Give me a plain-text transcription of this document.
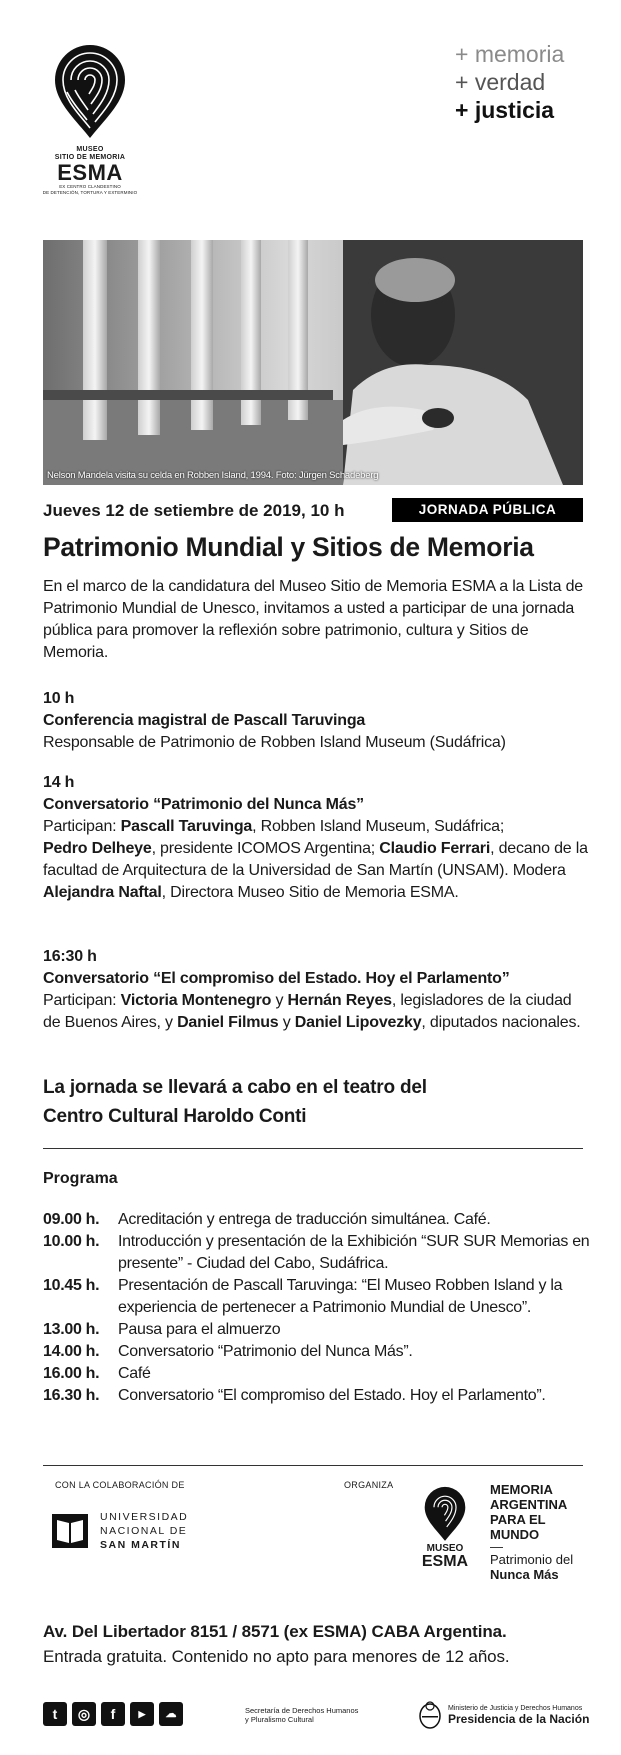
MUSEO
SITIO DE MEMORIA
ESMA
EX CENTRO CLANDESTINO
DE DETENCIÓN, TORTURA Y EXTERMINIO
+ memoria
+ verdad
+ justicia
Nelson Mandela visita su celda en Robben Island, 1994. Foto: Jürgen Schadeberg
Jueves 12 de setiembre de 2019, 10 h	JORNADA PÚBLICA
Patrimonio Mundial y Sitios de Memoria
En el marco de la candidatura del Museo Sitio de Memoria ESMA a la Lista de Patrimonio Mundial de Unesco, invitamos a usted a participar de una jornada pública para promover la reflexión sobre patrimonio, cultura y Sitios de Memoria.
10 h
Conferencia magistral de Pascall Taruvinga
Responsable de Patrimonio de Robben Island Museum (Sudáfrica)
14 h
Conversatorio “Patrimonio del Nunca Más”
Participan: Pascall Taruvinga, Robben Island Museum, Sudáfrica;
Pedro Delheye, presidente ICOMOS Argentina; Claudio Ferrari, decano de la facultad de Arquitectura de la Universidad de San Martín (UNSAM). Modera Alejandra Naftal, Directora Museo Sitio de Memoria ESMA.
16:30 h
Conversatorio “El compromiso del Estado. Hoy el Parlamento”
Participan: Victoria Montenegro y Hernán Reyes, legisladores de la ciudad de Buenos Aires, y Daniel Filmus y Daniel Lipovezky, diputados nacionales.
La jornada se llevará a cabo en el teatro del
Centro Cultural Haroldo Conti
Programa
09.00 h.	Acreditación y entrega de traducción simultánea. Café.
10.00 h.	Introducción y presentación de la Exhibición “SUR SUR Memorias en presente” - Ciudad del Cabo, Sudáfrica.
10.45 h.	Presentación de Pascall Taruvinga: “El Museo Robben Island y la experiencia de pertenecer a Patrimonio Mundial de Unesco”.
13.00 h.	Pausa para el almuerzo
14.00 h.	Conversatorio “Patrimonio del Nunca Más”.
16.00 h.	Café
16.30 h.	Conversatorio “El compromiso del Estado. Hoy el Parlamento”.
CON LA COLABORACIÓN DE
UNIVERSIDAD
NACIONAL DE
SAN MARTÍN
ORGANIZA
MUSEO
ESMA
MEMORIA
ARGENTINA
PARA EL
MUNDO
—
Patrimonio del
Nunca Más
Av. Del Libertador 8151 / 8571 (ex ESMA) CABA Argentina.
Entrada gratuita. Contenido no apto para menores de 12 años.
t	◎	f	▶	☁	Secretaría de Derechos Humanos
y Pluralismo Cultural
Ministerio de Justicia y Derechos Humanos
Presidencia de la Nación
